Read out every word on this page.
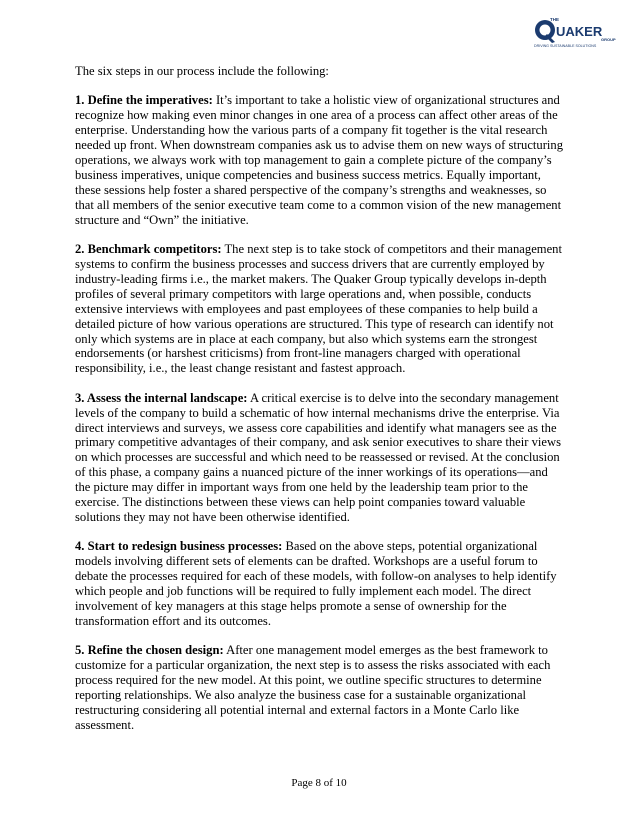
THE
UAKER
GROUP
DRIVING SUSTAINABLE SOLUTIONS

The six steps in our process include the following:

1. Define the imperatives: It’s important to take a holistic view of organizational structures and recognize how making even minor changes in one area of a process can affect other areas of the enterprise. Understanding how the various parts of a company fit together is the vital research needed up front. When downstream companies ask us to advise them on new ways of structuring operations, we always work with top management to gain a complete picture of the company’s business imperatives, unique competencies and business success metrics. Equally important, these sessions help foster a shared perspective of the company’s strengths and weaknesses, so that all members of the senior executive team come to a common vision of the new management structure and “Own” the initiative.

2. Benchmark competitors: The next step is to take stock of competitors and their management systems to confirm the business processes and success drivers that are currently employed by industry-leading firms i.e., the market makers. The Quaker Group typically develops in-depth profiles of several primary competitors with large operations and, when possible, conducts extensive interviews with employees and past employees of these companies to help build a detailed picture of how various operations are structured. This type of research can identify not only which systems are in place at each company, but also which systems earn the strongest endorsements (or harshest criticisms) from front-line managers charged with operational responsibility, i.e., the least change resistant and fastest approach.

3. Assess the internal landscape: A critical exercise is to delve into the secondary management levels of the company to build a schematic of how internal mechanisms drive the enterprise. Via direct interviews and surveys, we assess core capabilities and identify what managers see as the primary competitive advantages of their company, and ask senior executives to share their views on which processes are successful and which need to be reassessed or revised. At the conclusion of this phase, a company gains a nuanced picture of the inner workings of its operations—and the picture may differ in important ways from one held by the leadership team prior to the exercise. The distinctions between these views can help point companies toward valuable solutions they may not have been otherwise identified.

4. Start to redesign business processes: Based on the above steps, potential organizational models involving different sets of elements can be drafted. Workshops are a useful forum to debate the processes required for each of these models, with follow-on analyses to help identify which people and job functions will be required to fully implement each model. The direct involvement of key managers at this stage helps promote a sense of ownership for the transformation effort and its outcomes.

5. Refine the chosen design: After one management model emerges as the best framework to customize for a particular organization, the next step is to assess the risks associated with each process required for the new model. At this point, we outline specific structures to determine reporting relationships. We also analyze the business case for a sustainable organizational restructuring considering all potential internal and external factors in a Monte Carlo like assessment.

Page 8 of 10
